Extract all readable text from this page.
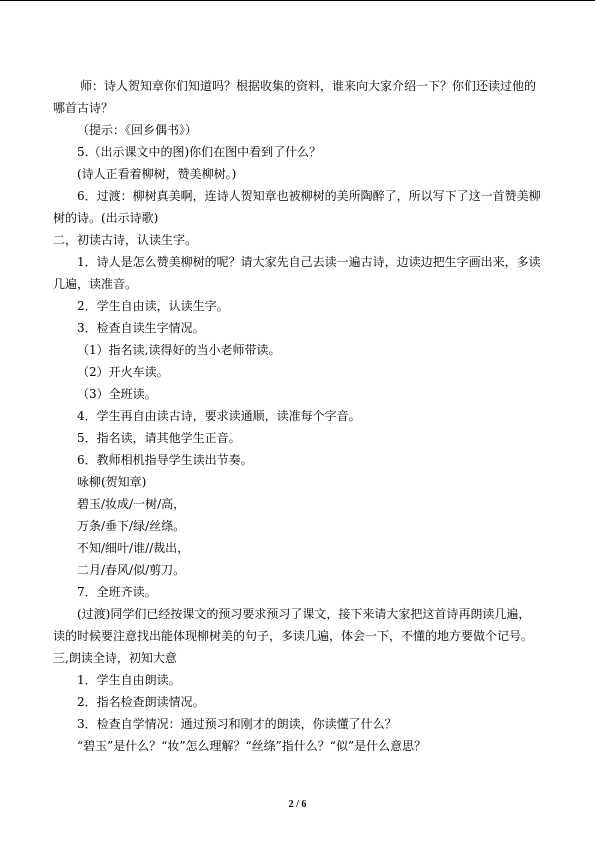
师：诗人贺知章你们知道吗？根据收集的资料，谁来向大家介绍一下？你们还读过他的
哪首古诗？
（提示：《回乡偶书》）
5.（出示课文中的图)你们在图中看到了什么？
(诗人正看着柳树，赞美柳树。)
6．过渡：柳树真美啊，连诗人贺知章也被柳树的美所陶醉了，所以写下了这一首赞美柳
树的诗。(出示诗歌)
二，初读古诗，认读生字。
1．诗人是怎么赞美柳树的呢？请大家先自己去读一遍古诗，边读边把生字画出来，多读
几遍，读准音。
2．学生自由读，认读生字。
3．检查自读生字情况。
（1）指名读,读得好的当小老师带读。
（2）开火车读。
（3）全班读。
4．学生再自由读古诗，要求读通顺，读准每个字音。
5．指名读，请其他学生正音。
6．教师相机指导学生读出节奏。
咏柳(贺知章)
碧玉/妆成/一树/高，
万条/垂下/绿/丝绦。
不知/细叶/谁//裁出，
二月/春风/似/剪刀。
7．全班齐读。
(过渡)同学们已经按课文的预习要求预习了课文，接下来请大家把这首诗再朗读几遍，
读的时候要注意找出能体现柳树美的句子，多读几遍，体会一下，不懂的地方要做个记号。
三,朗读全诗，初知大意
1．学生自由朗读。
2．指名检查朗读情况。
3．检查自学情况：通过预习和刚才的朗读，你读懂了什么？
“碧玉”是什么？“妆”怎么理解？“丝绦”指什么？“似”是什么意思？
2 / 6
